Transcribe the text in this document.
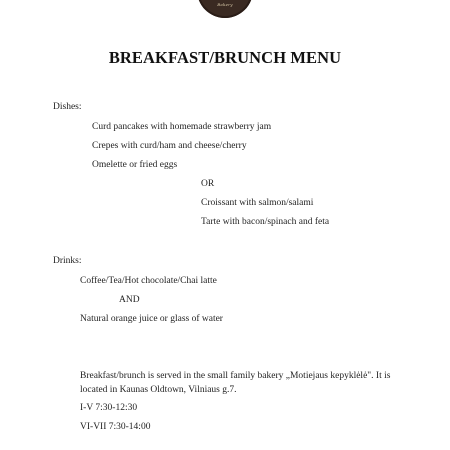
Bakery
BREAKFAST/BRUNCH MENU
Dishes:
Curd pancakes with homemade strawberry jam
Crepes with curd/ham and cheese/cherry
Omelette or fried eggs
OR
Croissant with salmon/salami
Tarte with bacon/spinach and feta
Drinks:
Coffee/Tea/Hot chocolate/Chai latte
AND
Natural orange juice or glass of water
Breakfast/brunch is served in the small family bakery „Motiejaus kepyklėlė". It is located in Kaunas Oldtown, Vilniaus g.7.
I-V 7:30-12:30
VI-VII 7:30-14:00
